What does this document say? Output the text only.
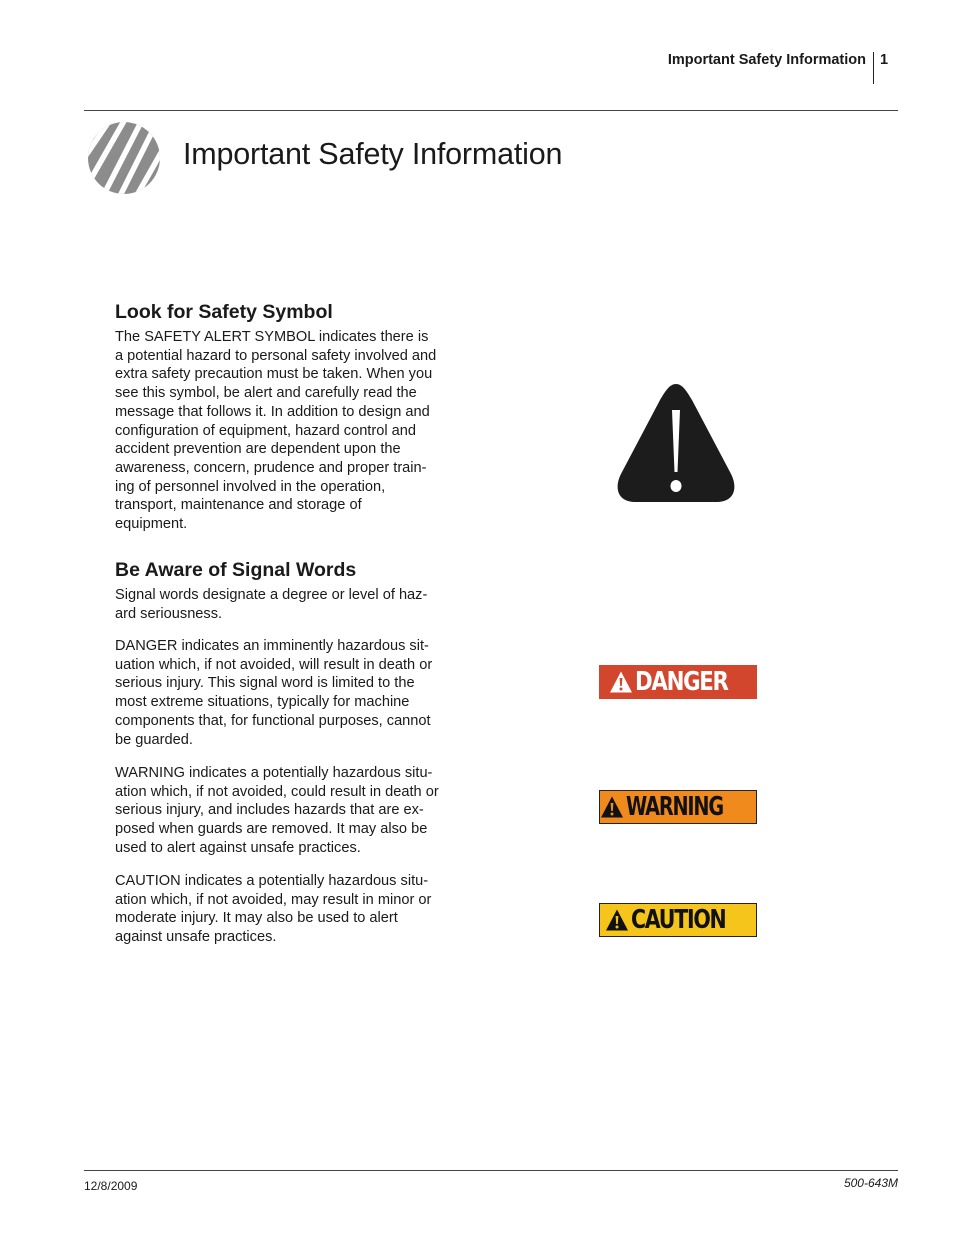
Important Safety Information 1
Important Safety Information
Look for Safety Symbol

The SAFETY ALERT SYMBOL indicates there is
a potential hazard to personal safety involved and
extra safety precaution must be taken. When you
see this symbol, be alert and carefully read the
message that follows it. In addition to design and
configuration of equipment, hazard control and
accident prevention are dependent upon the
awareness, concern, prudence and proper train-
ing of personnel involved in the operation,
transport, maintenance and storage of
equipment.

Be Aware of Signal Words

Signal words designate a degree or level of haz-
ard seriousness.

DANGER indicates an imminently hazardous sit-
uation which, if not avoided, will result in death or
serious injury. This signal word is limited to the
most extreme situations, typically for machine
components that, for functional purposes, cannot
be guarded.

WARNING indicates a potentially hazardous situ-
ation which, if not avoided, could result in death or
serious injury, and includes hazards that are ex-
posed when guards are removed. It may also be
used to alert against unsafe practices.

CAUTION indicates a potentially hazardous situ-
ation which, if not avoided, may result in minor or
moderate injury. It may also be used to alert
against unsafe practices.

DANGER
WARNING
CAUTION
12/8/2009	500-643M
